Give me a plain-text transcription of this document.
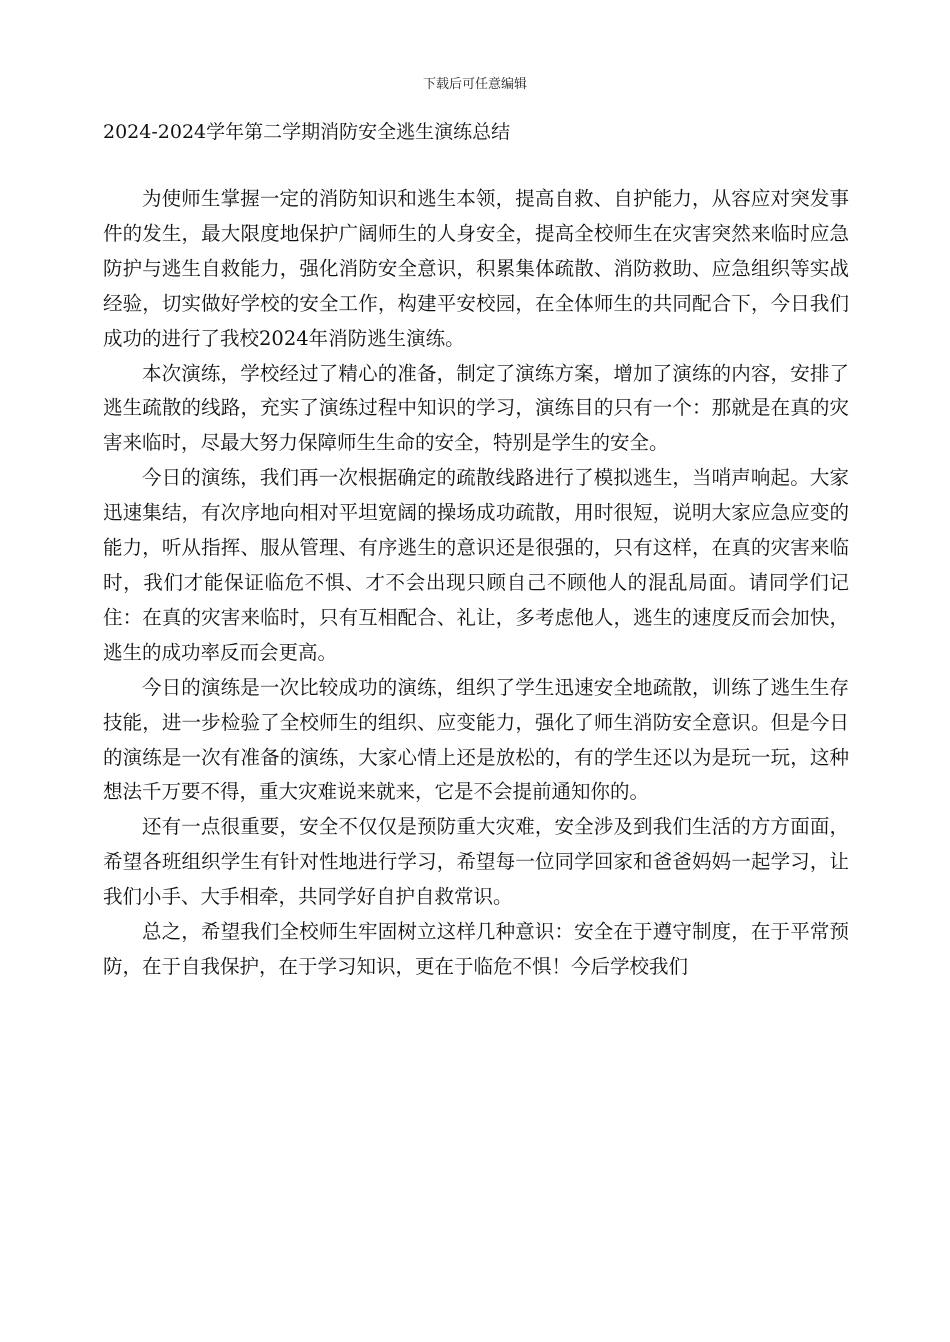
下载后可任意编辑
2024-2024学年第二学期消防安全逃生演练总结

为使师生掌握一定的消防知识和逃生本领，提高自救、自护能力，从容应对突发事件的发生，最大限度地保护广阔师生的人身安全，提高全校师生在灾害突然来临时应急防护与逃生自救能力，强化消防安全意识，积累集体疏散、消防救助、应急组织等实战经验，切实做好学校的安全工作，构建平安校园，在全体师生的共同配合下，今日我们成功的进行了我校2024年消防逃生演练。

本次演练，学校经过了精心的准备，制定了演练方案，增加了演练的内容，安排了逃生疏散的线路，充实了演练过程中知识的学习，演练目的只有一个：那就是在真的灾害来临时，尽最大努力保障师生生命的安全，特别是学生的安全。

今日的演练，我们再一次根据确定的疏散线路进行了模拟逃生，当哨声响起。大家迅速集结，有次序地向相对平坦宽阔的操场成功疏散，用时很短，说明大家应急应变的能力，听从指挥、服从管理、有序逃生的意识还是很强的，只有这样，在真的灾害来临时，我们才能保证临危不惧、才不会出现只顾自己不顾他人的混乱局面。请同学们记住：在真的灾害来临时，只有互相配合、礼让，多考虑他人，逃生的速度反而会加快，逃生的成功率反而会更高。

今日的演练是一次比较成功的演练，组织了学生迅速安全地疏散，训练了逃生生存技能，进一步检验了全校师生的组织、应变能力，强化了师生消防安全意识。但是今日的演练是一次有准备的演练，大家心情上还是放松的，有的学生还以为是玩一玩，这种想法千万要不得，重大灾难说来就来，它是不会提前通知你的。

还有一点很重要，安全不仅仅是预防重大灾难，安全涉及到我们生活的方方面面，希望各班组织学生有针对性地进行学习，希望每一位同学回家和爸爸妈妈一起学习，让我们小手、大手相牵，共同学好自护自救常识。

总之，希望我们全校师生牢固树立这样几种意识：安全在于遵守制度，在于平常预防，在于自我保护，在于学习知识，更在于临危不惧！今后学校我们
